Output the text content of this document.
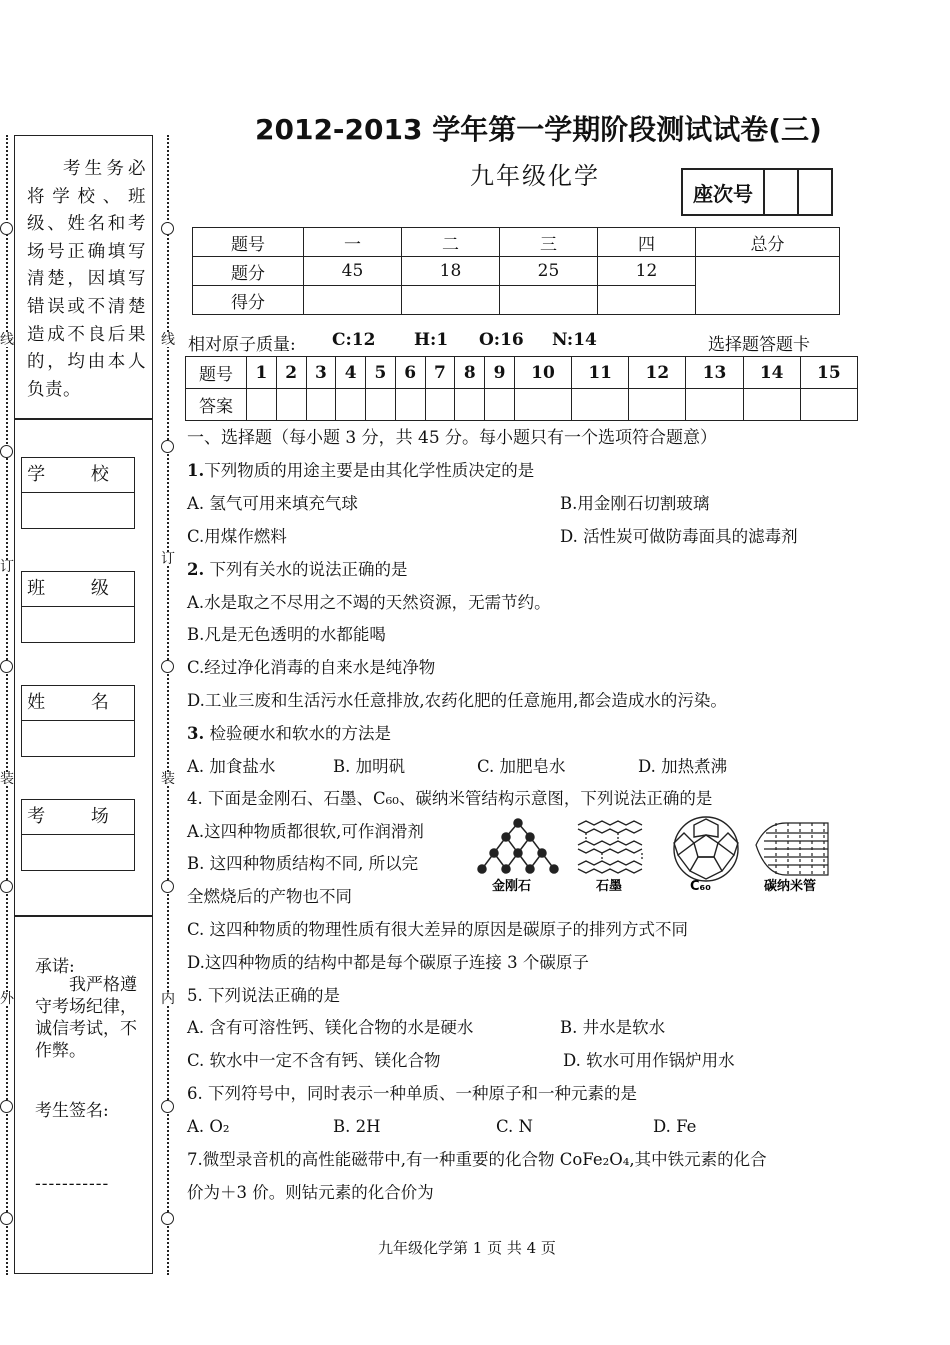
线
订
装
外
线
订
装
内
考生务必将学校、班级、姓名和考场号正确填写清楚，因填写错误或不清楚造成不良后果的，均由本人负责。
学 校
班 级
姓 名
考 场
承诺:
我严格遵守考场纪律，诚信考试，不作弊。
考生签名:
-----------
2012-2013 学年第一学期阶段测试试卷(三)
九年级化学
座次号		
题号	一	二	三	四	总分
题分	45	18	25	12	
得分					
相对原子质量: C:12 H:1 O:16 N:14	选择题答题卡
题号	1	2	3	4	5	6	7	8	9	10	11	12	13	14	15
答案															
一、选择题（每小题 3 分，共 45 分。每小题只有一个选项符合题意）
1.下列物质的用途主要是由其化学性质决定的是
A. 氢气可用来填充气球	B.用金刚石切割玻璃
C.用煤作燃料	D. 活性炭可做防毒面具的滤毒剂
2. 下列有关水的说法正确的是
A.水是取之不尽用之不竭的天然资源，无需节约。
B.凡是无色透明的水都能喝
C.经过净化消毒的自来水是纯净物
D.工业三废和生活污水任意排放,农药化肥的任意施用,都会造成水的污染。
3. 检验硬水和软水的方法是
A. 加食盐水	B. 加明矾	C. 加肥皂水	D. 加热煮沸
4. 下面是金刚石、石墨、C₆₀、碳纳米管结构示意图，下列说法正确的是
A.这四种物质都很软,可作润滑剂
B. 这四种物质结构不同, 所以完
全燃烧后的产物也不同
金刚石	石墨	C₆₀	碳纳米管
C. 这四种物质的物理性质有很大差异的原因是碳原子的排列方式不同
D.这四种物质的结构中都是每个碳原子连接 3 个碳原子
5. 下列说法正确的是
A. 含有可溶性钙、镁化合物的水是硬水	B. 井水是软水
C. 软水中一定不含有钙、镁化合物	D. 软水可用作锅炉用水
6. 下列符号中，同时表示一种单质、一种原子和一种元素的是
A. O₂	B. 2H	C. N	D. Fe
7.微型录音机的高性能磁带中,有一种重要的化合物 CoFe₂O₄,其中铁元素的化合
价为＋3 价。则钴元素的化合价为
九年级化学第 1 页 共 4 页
